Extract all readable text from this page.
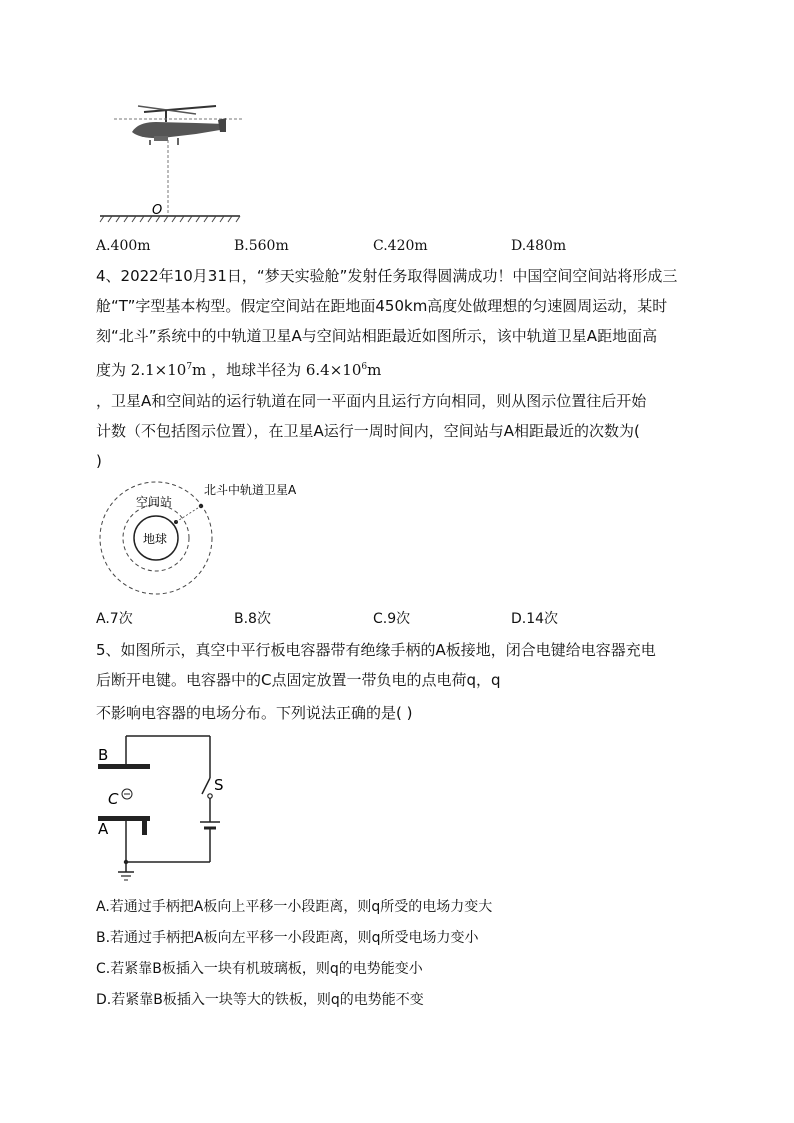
O
A.400m	B.560m	C.420m	D.480m
4、2022年10月31日，“梦天实验舱”发射任务取得圆满成功！中国空间空间站将形成三
舱“T”字型基本构型。假定空间站在距地面450km高度处做理想的匀速圆周运动，某时
刻“北斗”系统中的中轨道卫星A与空间站相距最近如图所示，该中轨道卫星A距地面高
度为 $2.1\times 10^7m$ ，地球半径为 $6.4\times 10^6m$
，卫星A和空间站的运行轨道在同一平面内且运行方向相同，则从图示位置往后开始
计数（不包括图示位置），在卫星A运行一周时间内，空间站与A相距最近的次数为(
)
空间站
北斗中轨道卫星A
地球
A.7次	B.8次	C.9次	D.14次
5、如图所示，真空中平行板电容器带有绝缘手柄的A板接地，闭合电键给电容器充电
后断开电键。电容器中的C点固定放置一带负电的点电荷q，q
不影响电容器的电场分布。下列说法正确的是( )
B
C
A
S
A.若通过手柄把A板向上平移一小段距离，则q所受的电场力变大
B.若通过手柄把A板向左平移一小段距离，则q所受电场力变小
C.若紧靠B板插入一块有机玻璃板，则q的电势能变小
D.若紧靠B板插入一块等大的铁板，则q的电势能不变
